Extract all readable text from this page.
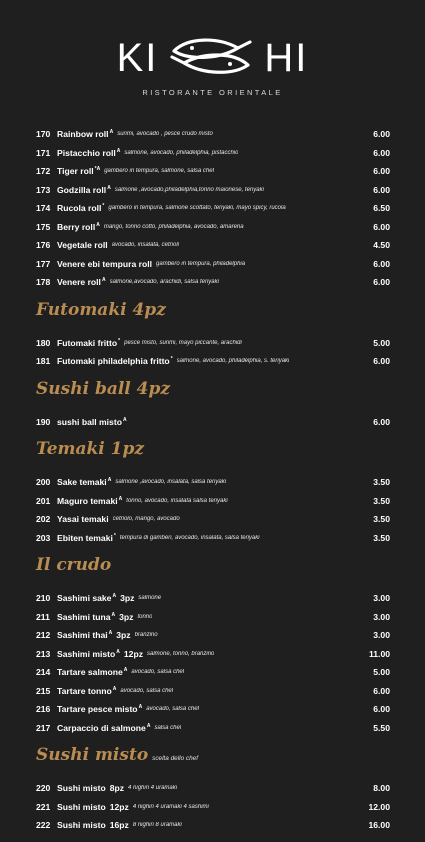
KI	HI
RISTORANTE ORIENTALE
170 Rainbow roll$^A$ surimi, avocado , pesce crudo misto	6.00
171 Pistacchio roll$^A$ salmone, avocado, philadelphia, pistacchio	6.00
172 Tiger roll$^{*A}$ gambero in tempura, salmone, salsa chef	6.00
173 Godzilla roll$^A$ salmone ,avocado,philadelphia,tonno maionese, teriyaki	6.00
174 Rucola roll* gambero in tempura, salmone scottato, teriyaki, mayo spicy, rucola	6.50
175 Berry roll$^A$ mango, tonno cotto, philadelphia, avocado, amarena	6.00
176 Vegetale roll avocado, insalata, cetrioli	4.50
177 Venere ebi tempura roll gambero in tempura, philadelphia	6.00
178 Venere roll$^A$ salmone,avocado, arachidi, salsa teriyaki	6.00
Futomaki 4pz
180 Futomaki fritto* pesce misto, surimi, mayo piccante, arachidi	5.00
181 Futomaki philadelphia fritto* salmone, avocado, philadelphia, s. teriyaki	6.00
Sushi ball 4pz
190 sushi ball misto$^A$	6.00
Temaki 1pz
200 Sake temaki$^A$ salmone ,avocado, insalata, salsa teriyaki	3.50
201 Maguro temaki$^A$ tonno, avocado, insalata salsa teriyaki	3.50
202 Yasai temaki cetriolo, mango, avocado	3.50
203 Ebiten temaki* tempura di gamberi, avocado, insalata, salsa teriyaki	3.50
Il crudo
210 Sashimi sake$^A$ 3pz salmone	3.00
211 Sashimi tuna$^A$ 3pz tonno	3.00
212 Sashimi thai$^A$ 3pz branzino	3.00
213 Sashimi misto$^A$ 12pz salmone, tonno, branzino	11.00
214 Tartare salmone$^A$ avocado, salsa chef	5.00
215 Tartare tonno$^A$ avocado, salsa chef	6.00
216 Tartare pesce misto$^A$ avocado, salsa chef	6.00
217 Carpaccio di salmone$^A$ salsa chef	5.50
Sushi misto scelta dello chef
220 Sushi misto 8pz 4 nighiri 4 uramaki	8.00
221 Sushi misto 12pz 4 nighiri 4 uramaki 4 sashimi	12.00
222 Sushi misto 16pz 8 nighiri 8 uramaki	16.00
